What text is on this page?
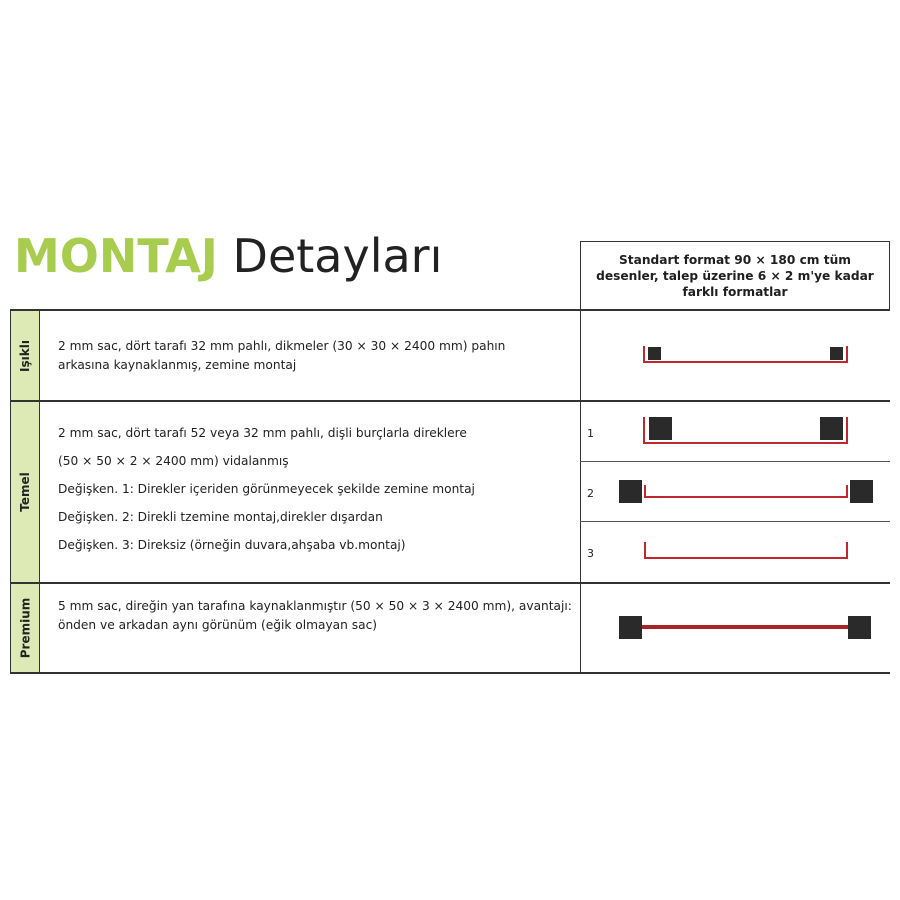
MONTAJ Detayları	Standart format 90 × 180 cm tüm desenler, talep üzerine 6 × 2 m'ye kadar farklı formatlar
Işıklı
Temel
Premium

2 mm sac, dört tarafı 32 mm pahlı, dikmeler (30 × 30 × 2400 mm) pahın

arkasına kaynaklanmış, zemine montaj

2 mm sac, dört tarafı 52 veya 32 mm pahlı, dişli burçlarla direklere

(50 × 50 × 2 × 2400 mm) vidalanmış

Değişken. 1: Direkler içeriden görünmeyecek şekilde zemine montaj

Değişken. 2: Direkli tzemine montaj,direkler dışardan

Değişken. 3: Direksiz (örneğin duvara,ahşaba vb.montaj)

5 mm sac, direğin yan tarafına kaynaklanmıştır (50 × 50 × 3 × 2400 mm), avantajı:

önden ve arkadan aynı görünüm (eğik olmayan sac)

1
2
3
